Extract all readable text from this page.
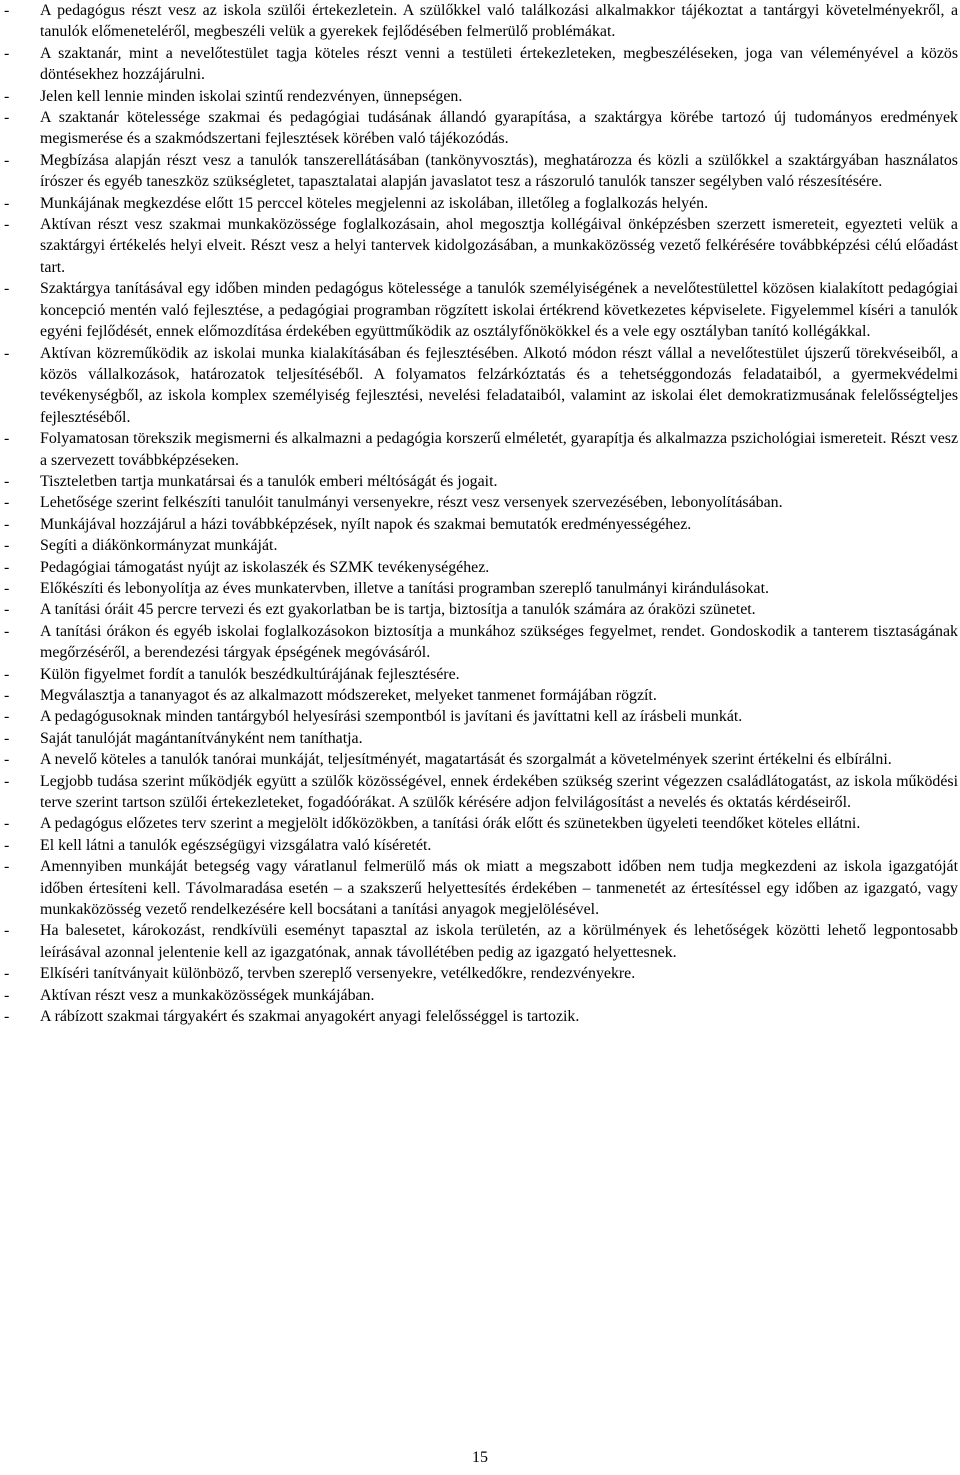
- A pedagógus részt vesz az iskola szülői értekezletein. A szülőkkel való találkozási alkalmakkor tájékoztat a tantárgyi követelményekről, a tanulók előmeneteléről, megbeszéli velük a gyerekek fejlődésében felmerülő problémákat.
- A szaktanár, mint a nevelőtestület tagja köteles részt venni a testületi értekezleteken, megbeszéléseken, joga van véleményével a közös döntésekhez hozzájárulni.
- Jelen kell lennie minden iskolai szintű rendezvényen, ünnepségen.
- A szaktanár kötelessége szakmai és pedagógiai tudásának állandó gyarapítása, a szaktárgya körébe tartozó új tudományos eredmények megismerése és a szakmódszertani fejlesztések körében való tájékozódás.
- Megbízása alapján részt vesz a tanulók tanszerellátásában (tankönyvosztás), meghatározza és közli a szülőkkel a szaktárgyában használatos írószer és egyéb taneszköz szükségletet, tapasztalatai alapján javaslatot tesz a rászoruló tanulók tanszer segélyben való részesítésére.
- Munkájának megkezdése előtt 15 perccel köteles megjelenni az iskolában, illetőleg a foglalkozás helyén.
- Aktívan részt vesz szakmai munkaközössége foglalkozásain, ahol megosztja kollégáival önképzésben szerzett ismereteit, egyezteti velük a szaktárgyi értékelés helyi elveit. Részt vesz a helyi tantervek kidolgozásában, a munkaközösség vezető felkérésére továbbképzési célú előadást tart.
- Szaktárgya tanításával egy időben minden pedagógus kötelessége a tanulók személyiségének a nevelőtestülettel közösen kialakított pedagógiai koncepció mentén való fejlesztése, a pedagógiai programban rögzített iskolai értékrend következetes képviselete. Figyelemmel kíséri a tanulók egyéni fejlődését, ennek előmozdítása érdekében együttműködik az osztályfőnökökkel és a vele egy osztályban tanító kollégákkal.
- Aktívan közreműködik az iskolai munka kialakításában és fejlesztésében. Alkotó módon részt vállal a nevelőtestület újszerű törekvéseiből, a közös vállalkozások, határozatok teljesítéséből. A folyamatos felzárkóztatás és a tehetséggondozás feladataiból, a gyermekvédelmi tevékenységből, az iskola komplex személyiség fejlesztési, nevelési feladataiból, valamint az iskolai élet demokratizmusának felelősségteljes fejlesztéséből.
- Folyamatosan törekszik megismerni és alkalmazni a pedagógia korszerű elméletét, gyarapítja és alkalmazza pszichológiai ismereteit. Részt vesz a szervezett továbbképzéseken.
- Tiszteletben tartja munkatársai és a tanulók emberi méltóságát és jogait.
- Lehetősége szerint felkészíti tanulóit tanulmányi versenyekre, részt vesz versenyek szervezésében, lebonyolításában.
- Munkájával hozzájárul a házi továbbképzések, nyílt napok és szakmai bemutatók eredményességéhez.
- Segíti a diákönkormányzat munkáját.
- Pedagógiai támogatást nyújt az iskolaszék és SZMK tevékenységéhez.
- Előkészíti és lebonyolítja az éves munkatervben, illetve a tanítási programban szereplő tanulmányi kirándulásokat.
- A tanítási óráit 45 percre tervezi és ezt gyakorlatban be is tartja, biztosítja a tanulók számára az óraközi szünetet.
- A tanítási órákon és egyéb iskolai foglalkozásokon biztosítja a munkához szükséges fegyelmet, rendet. Gondoskodik a tanterem tisztaságának megőrzéséről, a berendezési tárgyak épségének megóvásáról.
- Külön figyelmet fordít a tanulók beszédkultúrájának fejlesztésére.
- Megválasztja a tananyagot és az alkalmazott módszereket, melyeket tanmenet formájában rögzít.
- A pedagógusoknak minden tantárgyból helyesírási szempontból is javítani és javíttatni kell az írásbeli munkát.
- Saját tanulóját magántanítványként nem taníthatja.
- A nevelő köteles a tanulók tanórai munkáját, teljesítményét, magatartását és szorgalmát a követelmények szerint értékelni és elbírálni.
- Legjobb tudása szerint működjék együtt a szülők közösségével, ennek érdekében szükség szerint végezzen családlátogatást, az iskola működési terve szerint tartson szülői értekezleteket, fogadóórákat. A szülők kérésére adjon felvilágosítást a nevelés és oktatás kérdéseiről.
- A pedagógus előzetes terv szerint a megjelölt időközökben, a tanítási órák előtt és szünetekben ügyeleti teendőket köteles ellátni.
- El kell látni a tanulók egészségügyi vizsgálatra való kíséretét.
- Amennyiben munkáját betegség vagy váratlanul felmerülő más ok miatt a megszabott időben nem tudja megkezdeni az iskola igazgatóját időben értesíteni kell. Távolmaradása esetén – a szakszerű helyettesítés érdekében – tanmenetét az értesítéssel egy időben az igazgató, vagy munkaközösség vezető rendelkezésére kell bocsátani a tanítási anyagok megjelölésével.
- Ha balesetet, károkozást, rendkívüli eseményt tapasztal az iskola területén, az a körülmények és lehetőségek közötti lehető legpontosabb leírásával azonnal jelentenie kell az igazgatónak, annak távollétében pedig az igazgató helyettesnek.
- Elkíséri tanítványait különböző, tervben szereplő versenyekre, vetélkedőkre, rendezvényekre.
- Aktívan részt vesz a munkaközösségek munkájában.
- A rábízott szakmai tárgyakért és szakmai anyagokért anyagi felelősséggel is tartozik.
15
